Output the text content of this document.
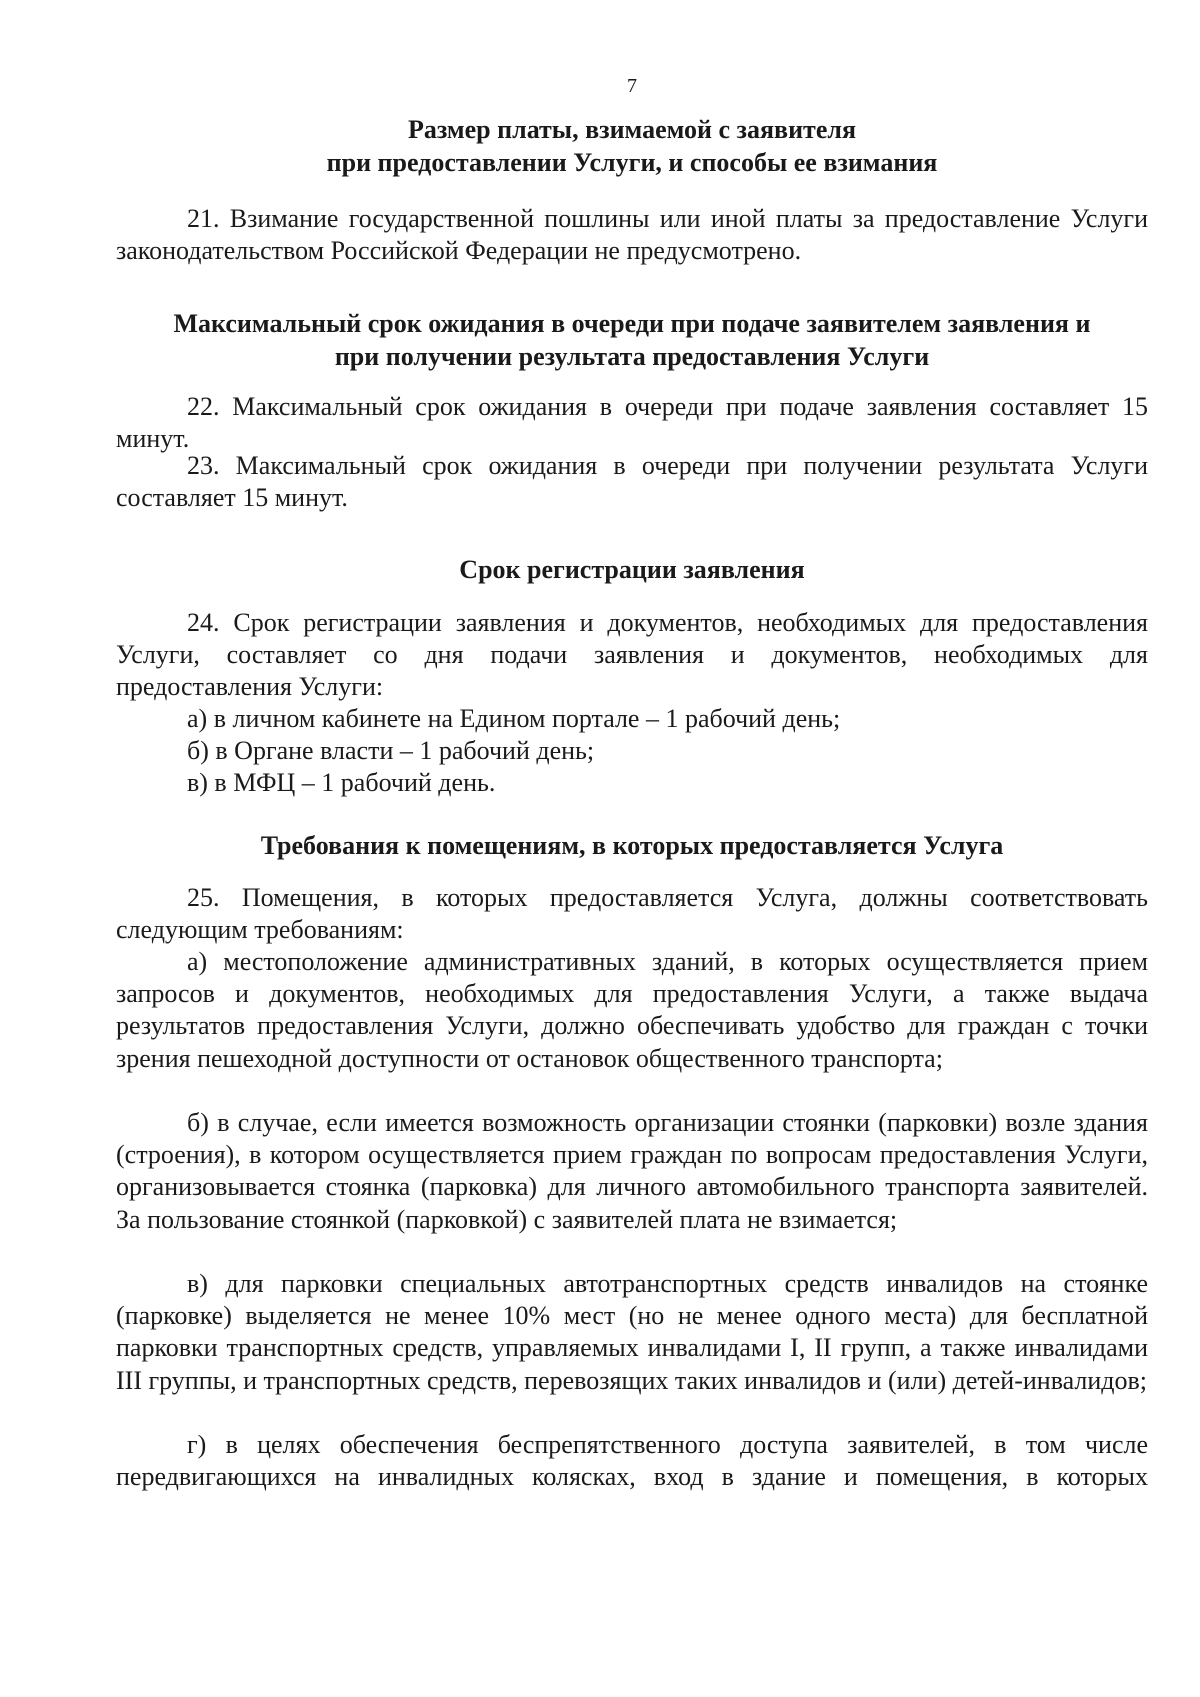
7
Размер платы, взимаемой с заявителя
при предоставлении Услуги, и способы ее взимания
21. Взимание государственной пошлины или иной платы за предоставление Услуги законодательством Российской Федерации не предусмотрено.
Максимальный срок ожидания в очереди при подаче заявителем заявления и
при получении результата предоставления Услуги
22. Максимальный срок ожидания в очереди при подаче заявления составляет 15 минут.
23. Максимальный срок ожидания в очереди при получении результата Услуги составляет 15 минут.
Срок регистрации заявления
24. Срок регистрации заявления и документов, необходимых для предоставления Услуги, составляет со дня подачи заявления и документов, необходимых для предоставления Услуги:
а) в личном кабинете на Едином портале – 1 рабочий день;
б) в Органе власти – 1 рабочий день;
в) в МФЦ – 1 рабочий день.
Требования к помещениям, в которых предоставляется Услуга
25. Помещения, в которых предоставляется Услуга, должны соответствовать следующим требованиям:
а) местоположение административных зданий, в которых осуществляется прием запросов и документов, необходимых для предоставления Услуги, а также выдача результатов предоставления Услуги, должно обеспечивать удобство для граждан с точки зрения пешеходной доступности от остановок общественного транспорта;
б) в случае, если имеется возможность организации стоянки (парковки) возле здания (строения), в котором осуществляется прием граждан по вопросам предоставления Услуги, организовывается стоянка (парковка) для личного автомобильного транспорта заявителей. За пользование стоянкой (парковкой) с заявителей плата не взимается;
в) для парковки специальных автотранспортных средств инвалидов на стоянке (парковке) выделяется не менее 10% мест (но не менее одного места) для бесплатной парковки транспортных средств, управляемых инвалидами I, II групп, а также инвалидами III группы, и транспортных средств, перевозящих таких инвалидов и (или) детей-инвалидов;
г) в целях обеспечения беспрепятственного доступа заявителей, в том числе передвигающихся на инвалидных колясках, вход в здание и помещения, в которых
